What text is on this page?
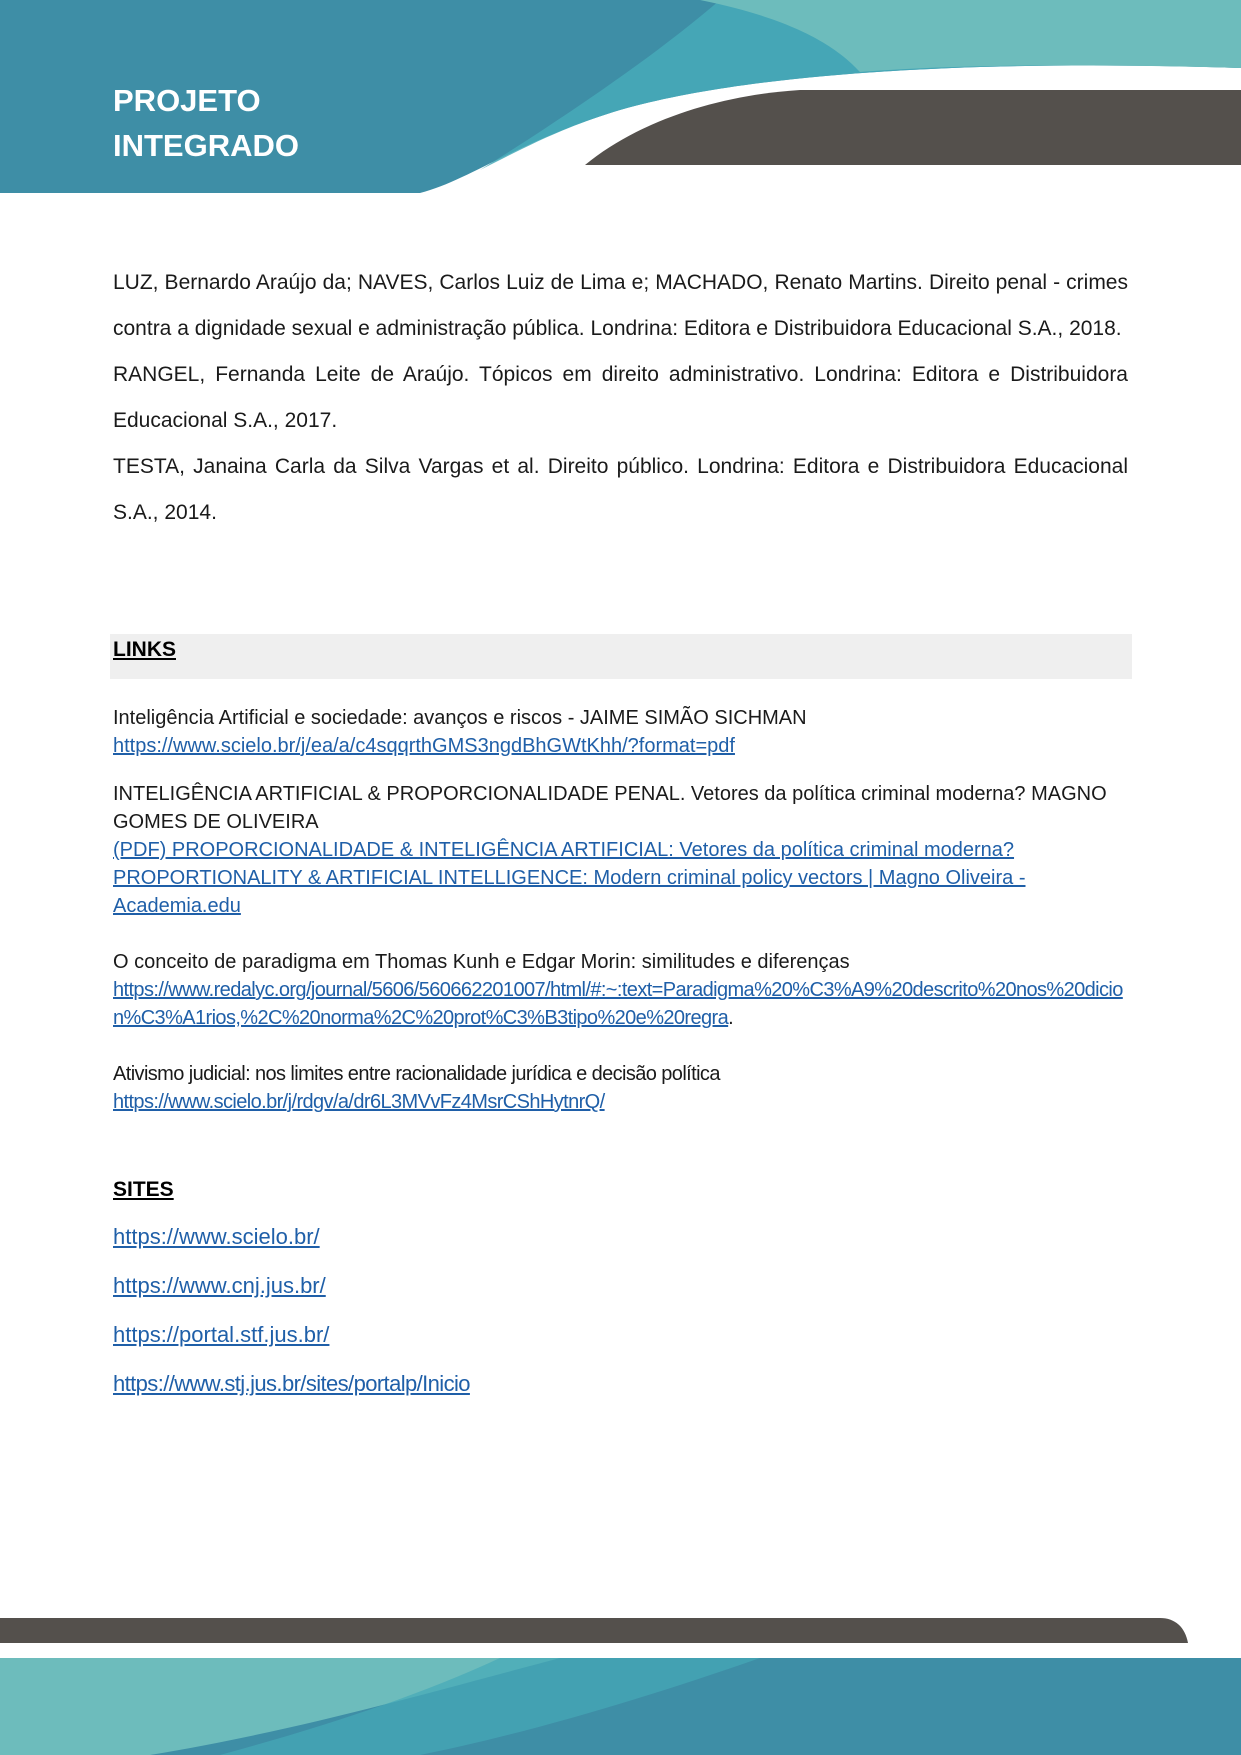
PROJETO
INTEGRADO

LUZ, Bernardo Araújo da; NAVES, Carlos Luiz de Lima e; MACHADO, Renato Martins. Direito penal - crimes contra a dignidade sexual e administração pública. Londrina: Editora e Distribuidora Educacional S.A., 2018.

RANGEL, Fernanda Leite de Araújo. Tópicos em direito administrativo. Londrina: Editora e Distribuidora Educacional S.A., 2017.

TESTA, Janaina Carla da Silva Vargas et al. Direito público. Londrina: Editora e Distribuidora Educacional S.A., 2014.

LINKS

Inteligência Artificial e sociedade: avanços e riscos - JAIME SIMÃO SICHMAN

https://www.scielo.br/j/ea/a/c4sqqrthGMS3ngdBhGWtKhh/?format=pdf

INTELIGÊNCIA ARTIFICIAL & PROPORCIONALIDADE PENAL. Vetores da política criminal moderna? MAGNO GOMES DE OLIVEIRA

(PDF) PROPORCIONALIDADE & INTELIGÊNCIA ARTIFICIAL: Vetores da política criminal moderna? PROPORTIONALITY & ARTIFICIAL INTELLIGENCE: Modern criminal policy vectors | Magno Oliveira - Academia.edu

O conceito de paradigma em Thomas Kunh e Edgar Morin: similitudes e diferenças

https://www.redalyc.org/journal/5606/560662201007/html/#:~:text=Paradigma%20%C3%A9%20descrito%20nos%20dicion%C3%A1rios,%2C%20norma%2C%20prot%C3%B3tipo%20e%20regra.

Ativismo judicial: nos limites entre racionalidade jurídica e decisão política

https://www.scielo.br/j/rdgv/a/dr6L3MVvFz4MsrCShHytnrQ/

SITES

https://www.scielo.br/
https://www.cnj.jus.br/
https://portal.stf.jus.br/
https://www.stj.jus.br/sites/portalp/Inicio
